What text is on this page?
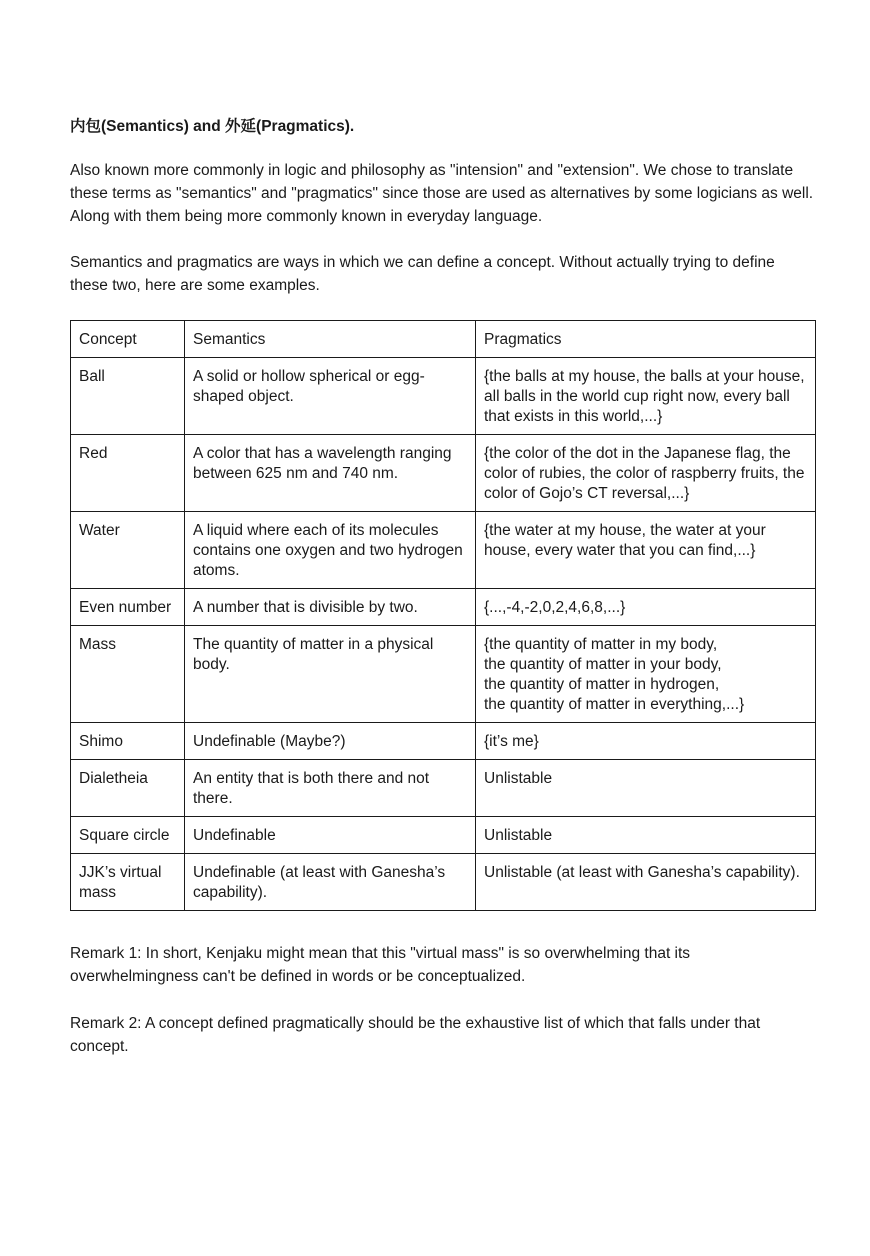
内包(Semantics) and 外延(Pragmatics).
Also known more commonly in logic and philosophy as "intension" and "extension". We chose to translate these terms as "semantics" and "pragmatics" since those are used as alternatives by some logicians as well. Along with them being more commonly known in everyday language.
Semantics and pragmatics are ways in which we can define a concept. Without actually trying to define these two, here are some examples.
Concept	Semantics	Pragmatics
Ball	A solid or hollow spherical or egg-shaped object.	{the balls at my house, the balls at your house, all balls in the world cup right now, every ball that exists in this world,...}
Red	A color that has a wavelength ranging between 625 nm and 740 nm.	{the color of the dot in the Japanese flag, the color of rubies, the color of raspberry fruits, the color of Gojo’s CT reversal,...}
Water	A liquid where each of its molecules contains one oxygen and two hydrogen atoms.	{the water at my house, the water at your house, every water that you can find,...}
Even number	A number that is divisible by two.	{...,-4,-2,0,2,4,6,8,...}
Mass	The quantity of matter in a physical body.	{the quantity of matter in my body,
the quantity of matter in your body,
the quantity of matter in hydrogen,
the quantity of matter in everything,...}
Shimo	Undefinable (Maybe?)	{it’s me}
Dialetheia	An entity that is both there and not there.	Unlistable
Square circle	Undefinable	Unlistable
JJK’s virtual mass	Undefinable (at least with Ganesha’s capability).	Unlistable (at least with Ganesha’s capability).
Remark 1: In short, Kenjaku might mean that this "virtual mass" is so overwhelming that its overwhelmingness can't be defined in words or be conceptualized.
Remark 2: A concept defined pragmatically should be the exhaustive list of which that falls under that concept.
